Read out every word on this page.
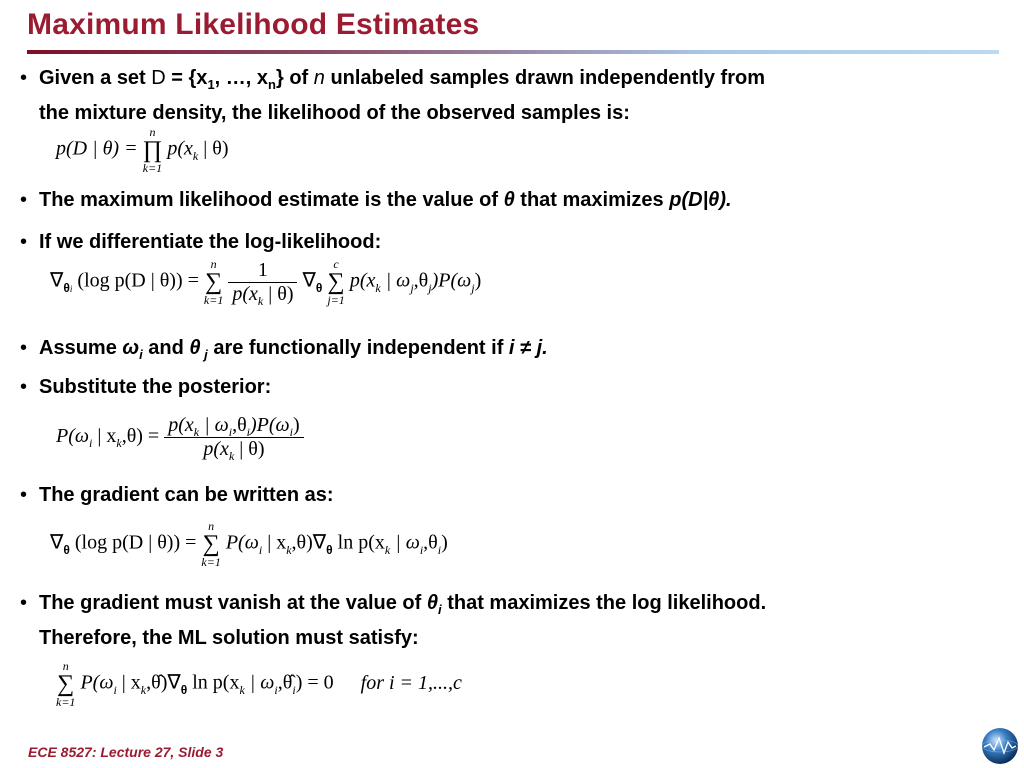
Maximum Likelihood Estimates
• Given a set $D = \{x_1$, …, $x_n$} of n unlabeled samples drawn independently from
the mixture density, the likelihood of the observed samples is:
p(D | θ) =
n
∏
k=1
$p(x_k$ | θ)
• The maximum likelihood estimate is the value of θ that maximizes p(D|θ).
• If we differentiate the log-likelihood:
$\nabla_{\theta i}$ (log p(D | θ)) =
n
∑
k=1
$\frac{1}{p(x_k | \theta)} \nabla_\theta$
c
∑
j=1
$p(x_k$ | $\omega_j,\theta_j)P(\omega_j)$
• Assume $\omega_i$ and θ $_j$ are functionally independent if i ≠ j.
• Substitute the posterior:
$P(\omega_i$ | $x_k,\theta) = \frac{p(x_k | \omega_i,\theta_i)P(\omega_i)}{p(x_k | \theta)}$
• The gradient can be written as:
$\nabla_\theta$ (log p(D | θ)) =
n
∑
k=1
$P(\omega_i$ | $x_k,\theta)\nabla_\theta$ $\ln p(x_k$ | $\omega_i,\theta_i$)
• The gradient must vanish at the value of $\theta_i$ that maximizes the log likelihood.
Therefore, the ML solution must satisfy:
n
∑
k=1
$P(\omega_i$ | $x_k,\thetâ)\nabla_\theta$ $\ln p(x_k$ | $\omega_i,\thetâ_i) = 0$ for i = 1,...,c
ECE 8527: Lecture 27, Slide 3
